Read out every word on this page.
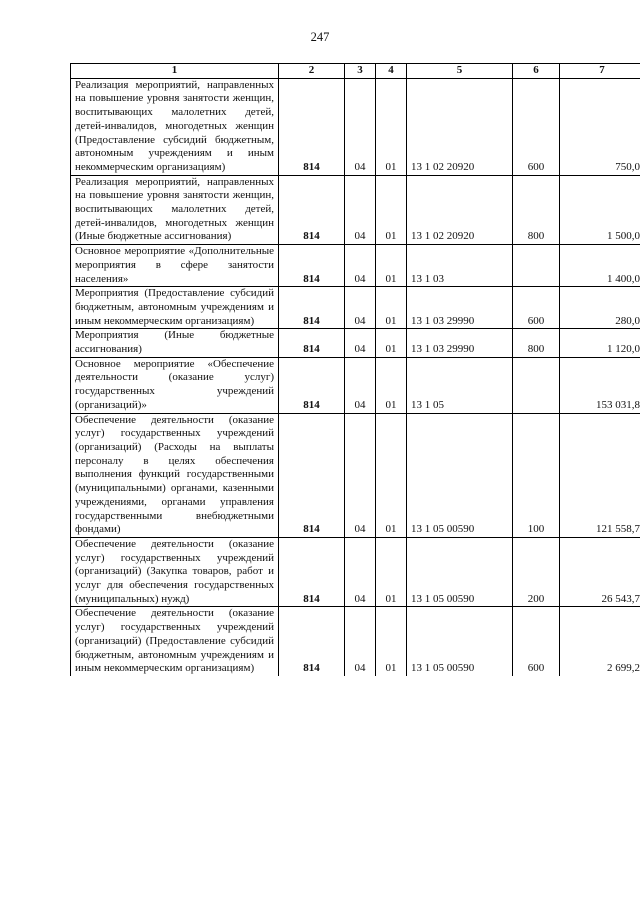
247
1	2	3	4	5	6	7
Реализация мероприятий, направленных на повышение уровня занятости женщин, воспитывающих малолетних детей, детей-инвалидов, многодетных женщин (Предоставление субсидий бюджетным, автономным учреждениям и иным некоммерческим организациям)	814	04	01	13 1 02 20920	600	750,0
Реализация мероприятий, направленных на повышение уровня занятости женщин, воспитывающих малолетних детей, детей-инвалидов, многодетных женщин (Иные бюджетные ассигнования)	814	04	01	13 1 02 20920	800	1 500,0
Основное мероприятие «Дополнительные мероприятия в сфере занятости населения»	814	04	01	13 1 03		1 400,0
Мероприятия (Предоставление субсидий бюджетным, автономным учреждениям и иным некоммерческим организациям)	814	04	01	13 1 03 29990	600	280,0
Мероприятия (Иные бюджетные ассигнования)	814	04	01	13 1 03 29990	800	1 120,0
Основное мероприятие «Обеспечение деятельности (оказание услуг) государственных учреждений (организаций)»	814	04	01	13 1 05		153 031,8
Обеспечение деятельности (оказание услуг) государственных учреждений (организаций) (Расходы на выплаты персоналу в целях обеспечения выполнения функций государственными (муниципальными) органами, казенными учреждениями, органами управления государственными внебюджетными фондами)	814	04	01	13 1 05 00590	100	121 558,7
Обеспечение деятельности (оказание услуг) государственных учреждений (организаций) (Закупка товаров, работ и услуг для обеспечения государственных (муниципальных) нужд)	814	04	01	13 1 05 00590	200	26 543,7
Обеспечение деятельности (оказание услуг) государственных учреждений (организаций) (Предоставление субсидий бюджетным, автономным учреждениям и иным некоммерческим организациям)	814	04	01	13 1 05 00590	600	2 699,2
